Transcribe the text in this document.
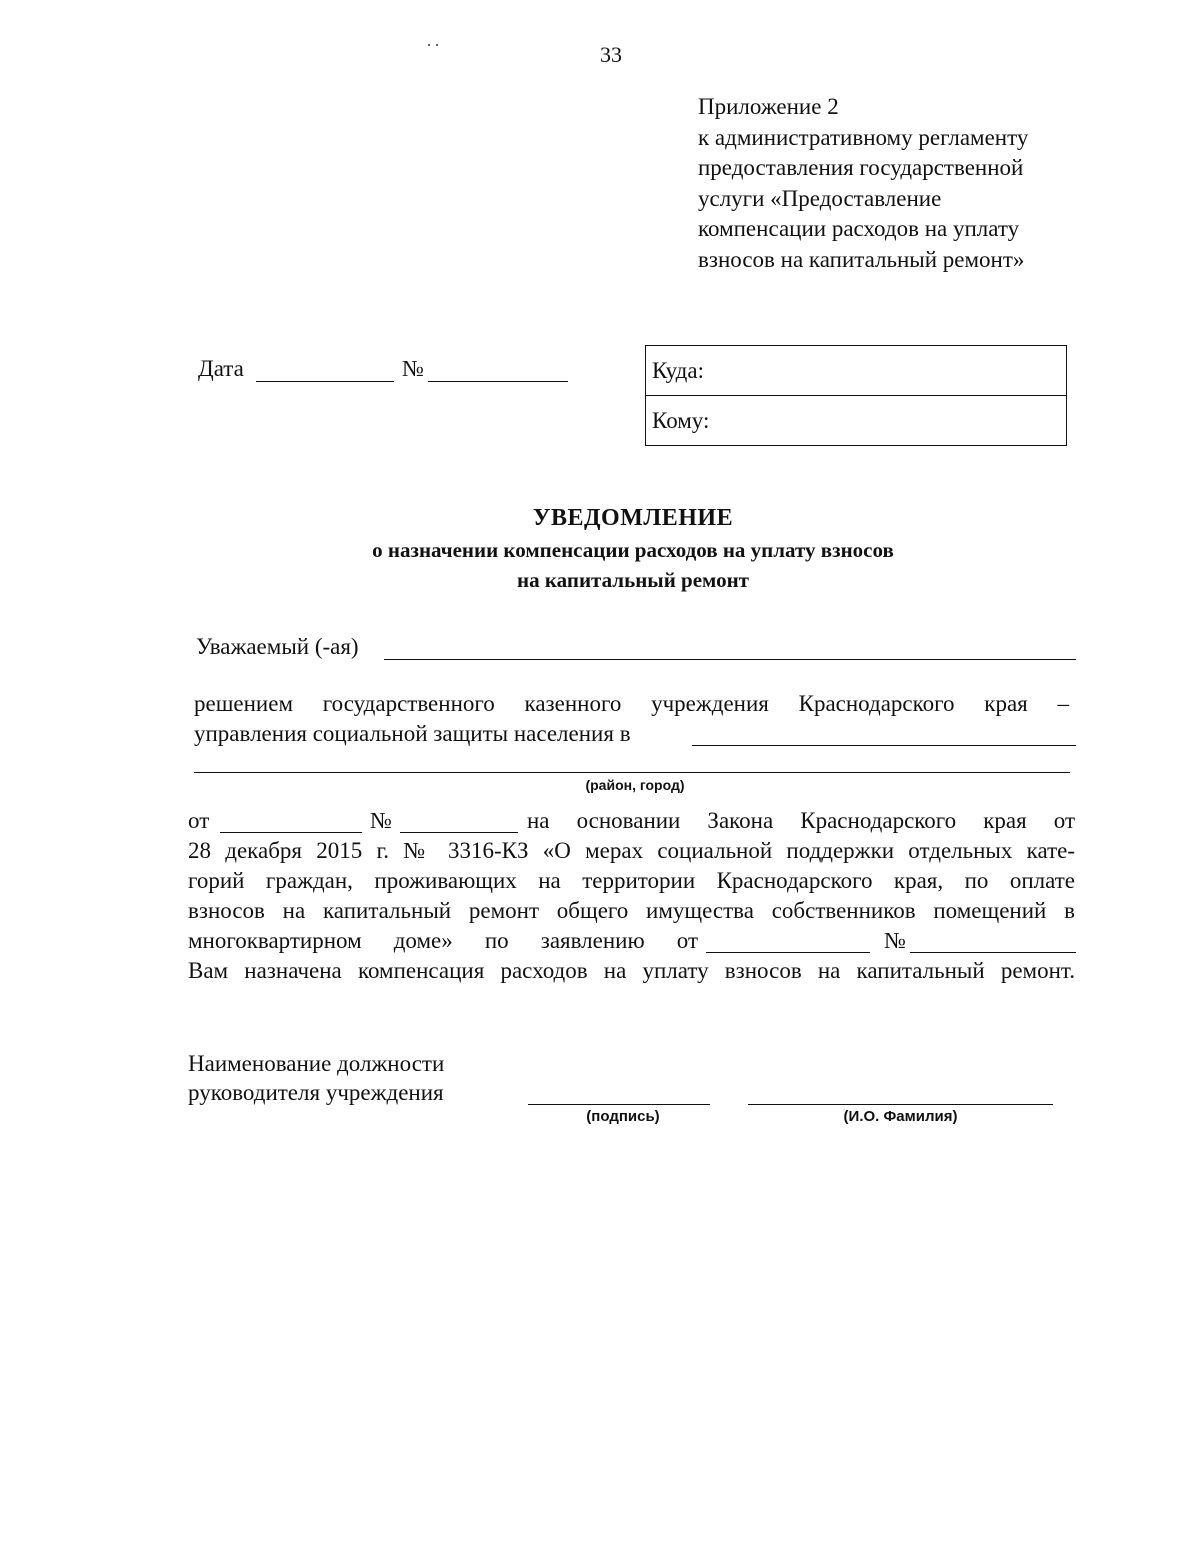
33
Приложение 2
к административному регламенту
предоставления государственной
услуги «Предоставление
компенсации расходов на уплату
взносов на капитальный ремонт»
Дата	№	Куда:
Кому:
УВЕДОМЛЕНИЕ
о назначении компенсации расходов на уплату взносов
на капитальный ремонт
Уважаемый (-ая)
решением государственного казенного учреждения Краснодарского края –
управления социальной защиты населения в
(район, город)
от	№	на основании Закона Краснодарского края от
28 декабря 2015 г. № 3316-КЗ «О мерах социальной поддержки отдельных кате-
горий граждан, проживающих на территории Краснодарского края, по оплате
взносов на капитальный ремонт общего имущества собственников помещений в
многоквартирном доме» по заявлению от	№
Вам назначена компенсация расходов на уплату взносов на капитальный ремонт.
Наименование должности
руководителя учреждения
(подпись)	(И.О. Фамилия)
